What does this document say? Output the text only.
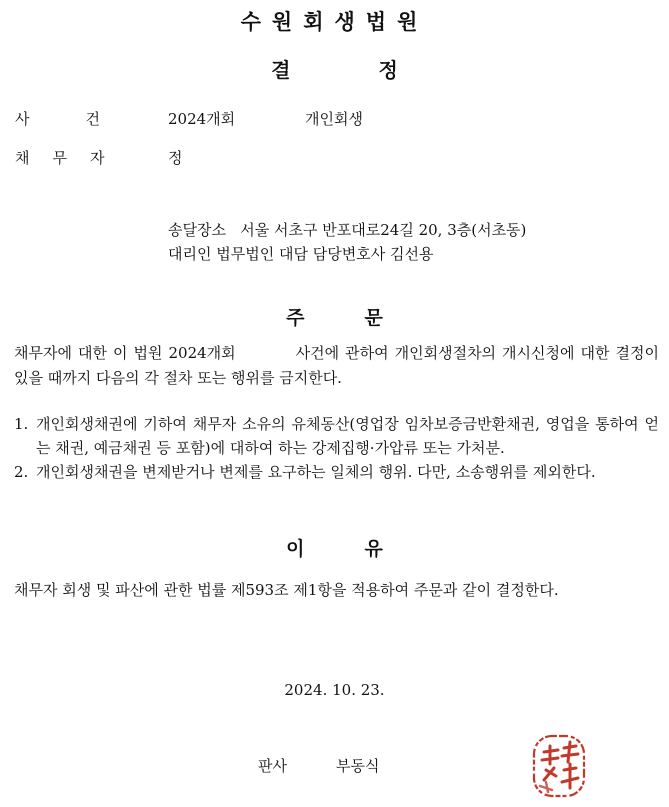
수원회생법원
결	정
사건 2024개회	개인회생
채무자	정
송달장소 서울 서초구 반포대로24길 20, 3층(서초동)
대리인 법무법인 대담 담당변호사 김선용
주	문
채무자에 대한 이 법원 2024개회	사건에 관하여 개인회생절차의 개시신청에 대한 결정이 있을 때까지 다음의 각 절차 또는 행위를 금지한다.
1. 개인회생채권에 기하여 채무자 소유의 유체동산(영업장 임차보증금반환채권, 영업을 통하여 얻는 채권, 예금채권 등 포함)에 대하여 하는 강제집행·가압류 또는 가처분.
2. 개인회생채권을 변제받거나 변제를 요구하는 일체의 행위. 다만, 소송행위를 제외한다.
이	유
채무자 회생 및 파산에 관한 법률 제593조 제1항을 적용하여 주문과 같이 결정한다.
2024. 10. 23.
판사	부동식
